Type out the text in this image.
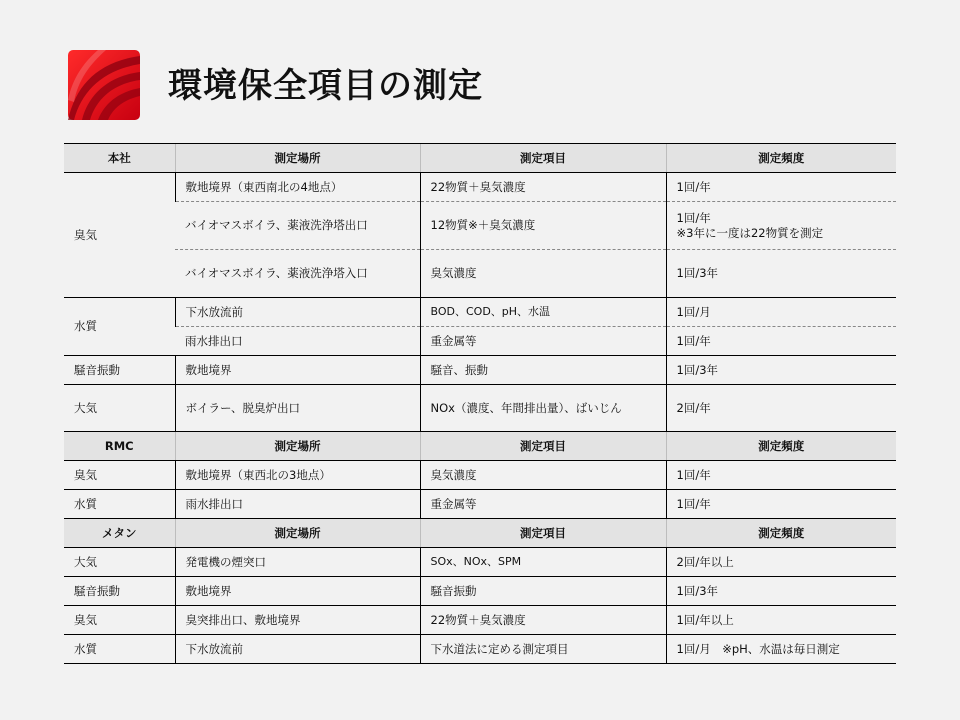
環境保全項目の測定
本社	測定場所	測定項目	測定頻度
臭気	敷地境界（東西南北の4地点）	22物質＋臭気濃度	1回/年
	バイオマスボイラ、薬液洗浄塔出口	12物質※＋臭気濃度	1回/年
※3年に一度は22物質を測定

	バイオマスボイラ、薬液洗浄塔入口	臭気濃度	1回/3年
水質	下水放流前	BOD、COD、pH、水温	1回/月
	雨水排出口	重金属等	1回/年
騒音振動	敷地境界	騒音、振動	1回/3年
大気	ボイラー、脱臭炉出口	NOx（濃度、年間排出量）、ばいじん	2回/年
RMC	測定場所	測定項目	測定頻度
臭気	敷地境界（東西北の3地点）	臭気濃度	1回/年
水質	雨水排出口	重金属等	1回/年
メタン	測定場所	測定項目	測定頻度
大気	発電機の煙突口	SOx、NOx、SPM	2回/年以上
騒音振動	敷地境界	騒音振動	1回/3年
臭気	臭突排出口、敷地境界	22物質＋臭気濃度	1回/年以上
水質	下水放流前	下水道法に定める測定項目	1回/月　※pH、水温は毎日測定
